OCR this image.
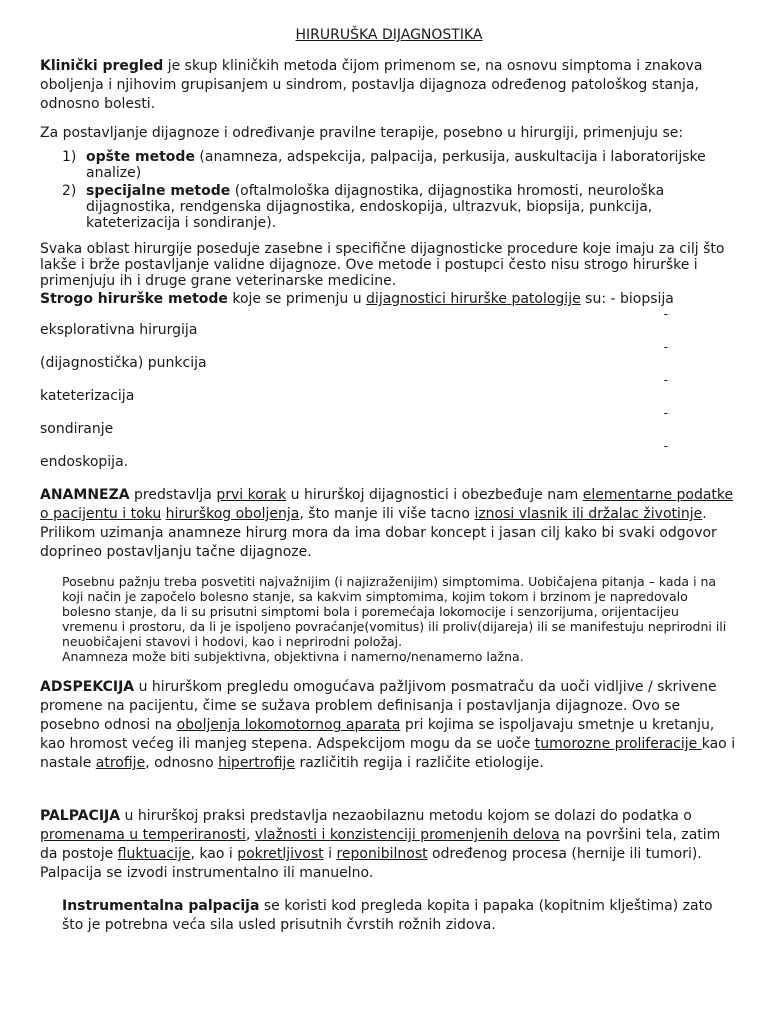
HIRURUŠKA DIJAGNOSTIKA

Klinički pregled je skup kliničkih metoda čijom primenom se, na osnovu simptoma i znakova oboljenja i njihovim grupisanjem u sindrom, postavlja dijagnoza određenog patološkog stanja, odnosno bolesti.

Za postavljanje dijagnoze i određivanje pravilne terapije, posebno u hirurgiji, primenjuju se:

1) opšte metode (anamneza, adspekcija, palpacija, perkusija, auskultacija i laboratorijske analize)
2) specijalne metode (oftalmološka dijagnostika, dijagnostika hromosti, neurološka dijagnostika, rendgenska dijagnostika, endoskopija, ultrazvuk, biopsija, punkcija, kateterizacija i sondiranje).

Svaka oblast hirurgije poseduje zasebne i specifične dijagnosticke procedure koje imaju za cilj što lakše i brže postavljanje validne dijagnoze. Ove metode i postupci često nisu strogo hirurške i primenjuju ih i druge grane veterinarske medicine.

Strogo hirurške metode koje se primenju u dijagnostici hirurške patologije su: - biopsija

-
eksplorativna hirurgija
-
(dijagnostička) punkcija
-
kateterizacija
-
sondiranje
-
endoskopija.

ANAMNEZA predstavlja prvi korak u hirurškoj dijagnostici i obezbeđuje nam elementarne podatke o pacijentu i toku hirurškog oboljenja, što manje ili više tacno iznosi vlasnik ili držalac životinje. Prilikom uzimanja anamneze hirurg mora da ima dobar koncept i jasan cilj kako bi svaki odgovor doprineo postavljanju tačne dijagnoze.

Posebnu pažnju treba posvetiti najvažnijim (i najizraženijim) simptomima. Uobičajena pitanja – kada i na koji način je započelo bolesno stanje, sa kakvim simptomima, kojim tokom i brzinom je napredovalo bolesno stanje, da li su prisutni simptomi bola i poremećaja lokomocije i senzorijuma, orijentacijeu vremenu i prostoru, da li je ispoljeno povraćanje(vomitus) ili proliv(dijareja) ili se manifestuju neprirodni ili neuobičajeni stavovi i hodovi, kao i neprirodni položaj.
Anamneza može biti subjektivna, objektivna i namerno/nenamerno lažna.

ADSPEKCIJA u hirurškom pregledu omogućava pažljivom posmatraču da uoči vidljive / skrivene promene na pacijentu, čime se sužava problem definisanja i postavljanja dijagnoze. Ovo se posebno odnosi na oboljenja lokomotornog aparata pri kojima se ispoljavaju smetnje u kretanju, kao hromost većeg ili manjeg stepena. Adspekcijom mogu da se uoče tumorozne proliferacije kao i nastale atrofije, odnosno hipertrofije različitih regija i različite etiologije.

PALPACIJA u hirurškoj praksi predstavlja nezaobilaznu metodu kojom se dolazi do podatka o promenama u temperiranosti, vlažnosti i konzistenciji promenjenih delova na površini tela, zatim da postoje fluktuacije, kao i pokretljivost i reponibilnost određenog procesa (hernije ili tumori). Palpacija se izvodi instrumentalno ili manuelno.

Instrumentalna palpacija se koristi kod pregleda kopita i papaka (kopitnim klještima) zato što je potrebna veća sila usled prisutnih čvrstih rožnih zidova.
